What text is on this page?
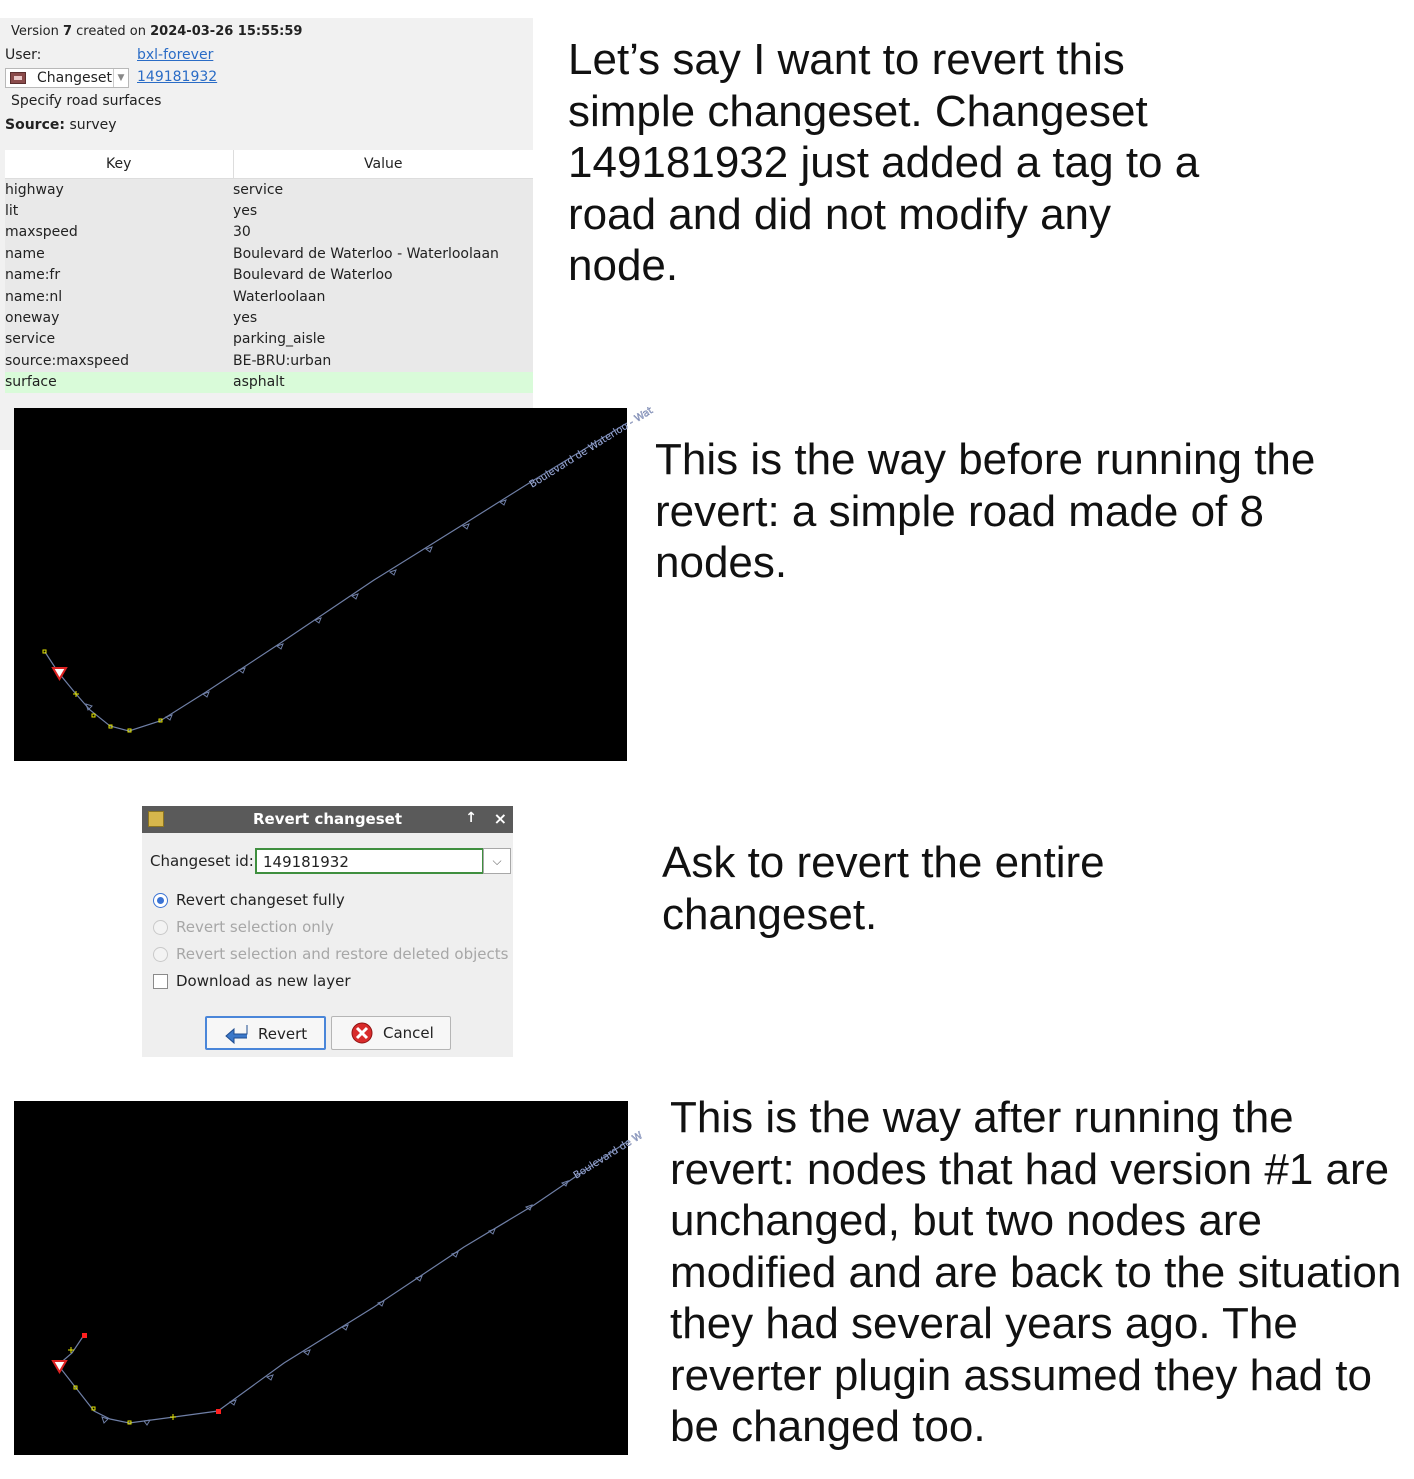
Version 7 created on 2024-03-26 15:55:59
User:	bxl-forever
Changeset ▼ 149181932
Specify road surfaces
Source: survey
Key	Value
highway	service
lit	yes
maxspeed	30
name	Boulevard de Waterloo - Waterloolaan
name:fr	Boulevard de Waterloo
name:nl	Waterloolaan
oneway	yes
service	parking_aisle
source:maxspeed	BE-BRU:urban
surface	asphalt
Boulevard de Waterloo - Wat
Revert changeset	↑ ×
Changeset id:
149181932	⌵
Revert changeset fully
Revert selection only
Revert selection and restore deleted objects
Download as new layer
Revert	Cancel
Boulevard de W
Let’s say I want to revert this simple changeset. Changeset 149181932 just added a tag to a road and did not modify any node.
This is the way before running the revert: a simple road made of 8 nodes.
Ask to revert the entire changeset.
This is the way after running the revert: nodes that had version #1 are unchanged, but two nodes are modified and are back to the situation they had several years ago. The reverter plugin assumed they had to be changed too.
